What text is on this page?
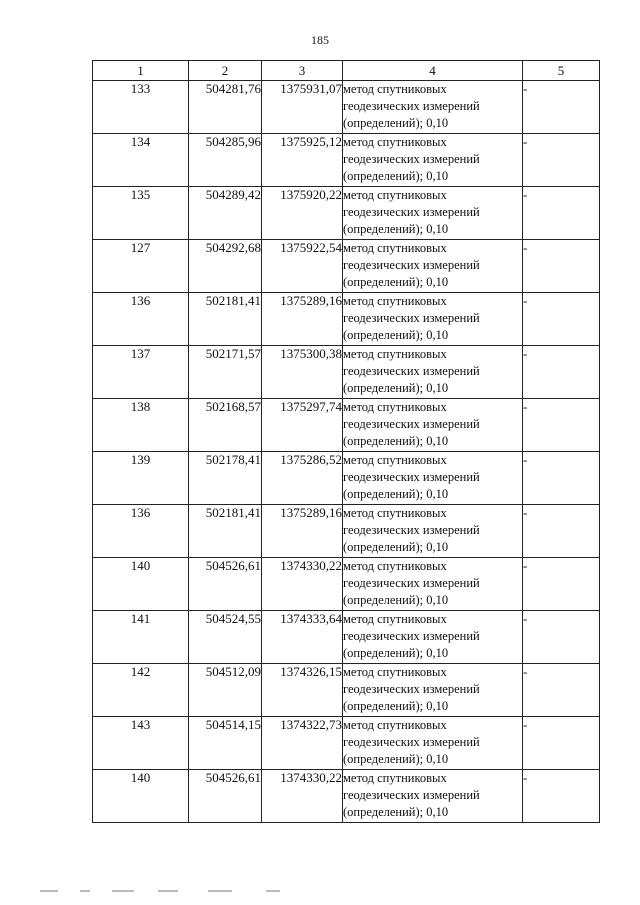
185
1	2	3	4	5
133	504281,76	1375931,07	метод спутниковых
геодезических измерений
(определений); 0,10	-
134	504285,96	1375925,12	метод спутниковых
геодезических измерений
(определений); 0,10	-
135	504289,42	1375920,22	метод спутниковых
геодезических измерений
(определений); 0,10	-
127	504292,68	1375922,54	метод спутниковых
геодезических измерений
(определений); 0,10	-
136	502181,41	1375289,16	метод спутниковых
геодезических измерений
(определений); 0,10	-
137	502171,57	1375300,38	метод спутниковых
геодезических измерений
(определений); 0,10	-
138	502168,57	1375297,74	метод спутниковых
геодезических измерений
(определений); 0,10	-
139	502178,41	1375286,52	метод спутниковых
геодезических измерений
(определений); 0,10	-
136	502181,41	1375289,16	метод спутниковых
геодезических измерений
(определений); 0,10	-
140	504526,61	1374330,22	метод спутниковых
геодезических измерений
(определений); 0,10	-
141	504524,55	1374333,64	метод спутниковых
геодезических измерений
(определений); 0,10	-
142	504512,09	1374326,15	метод спутниковых
геодезических измерений
(определений); 0,10	-
143	504514,15	1374322,73	метод спутниковых
геодезических измерений
(определений); 0,10	-
140	504526,61	1374330,22	метод спутниковых
геодезических измерений
(определений); 0,10	-
